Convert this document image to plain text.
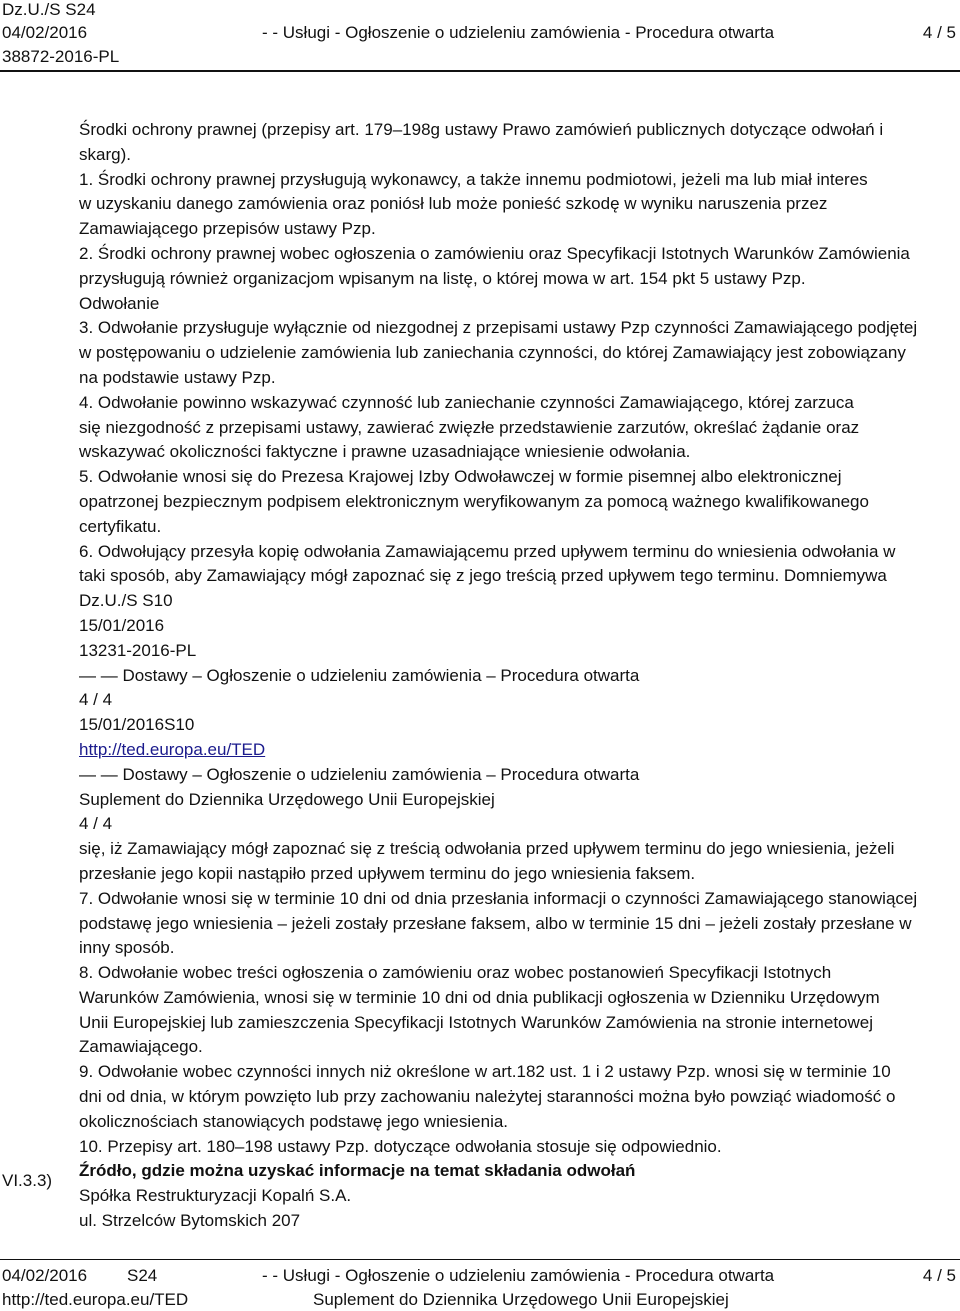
Dz.U./S S24
04/02/2016	- - Usługi - Ogłoszenie o udzieleniu zamówienia - Procedura otwarta	4 / 5
38872-2016-PL
VI.3.3)

Środki ochrony prawnej (przepisy art. 179–198g ustawy Prawo zamówień publicznych dotyczące odwołań i
skarg).

1. Środki ochrony prawnej przysługują wykonawcy, a także innemu podmiotowi, jeżeli ma lub miał interes
w uzyskaniu danego zamówienia oraz poniósł lub może ponieść szkodę w wyniku naruszenia przez
Zamawiającego przepisów ustawy Pzp.

2. Środki ochrony prawnej wobec ogłoszenia o zamówieniu oraz Specyfikacji Istotnych Warunków Zamówienia
przysługują również organizacjom wpisanym na listę, o której mowa w art. 154 pkt 5 ustawy Pzp.

Odwołanie

3. Odwołanie przysługuje wyłącznie od niezgodnej z przepisami ustawy Pzp czynności Zamawiającego podjętej
w postępowaniu o udzielenie zamówienia lub zaniechania czynności, do której Zamawiający jest zobowiązany
na podstawie ustawy Pzp.

4. Odwołanie powinno wskazywać czynność lub zaniechanie czynności Zamawiającego, której zarzuca
się niezgodność z przepisami ustawy, zawierać zwięzłe przedstawienie zarzutów, określać żądanie oraz
wskazywać okoliczności faktyczne i prawne uzasadniające wniesienie odwołania.

5. Odwołanie wnosi się do Prezesa Krajowej Izby Odwoławczej w formie pisemnej albo elektronicznej
opatrzonej bezpiecznym podpisem elektronicznym weryfikowanym za pomocą ważnego kwalifikowanego
certyfikatu.

6. Odwołujący przesyła kopię odwołania Zamawiającemu przed upływem terminu do wniesienia odwołania w
taki sposób, aby Zamawiający mógł zapoznać się z jego treścią przed upływem tego terminu. Domniemywa

Dz.U./S S10

15/01/2016

13231-2016-PL

— — Dostawy – Ogłoszenie o udzieleniu zamówienia – Procedura otwarta

4 / 4

15/01/2016S10

http://ted.europa.eu/TED

— — Dostawy – Ogłoszenie o udzieleniu zamówienia – Procedura otwarta

Suplement do Dziennika Urzędowego Unii Europejskiej

4 / 4

się, iż Zamawiający mógł zapoznać się z treścią odwołania przed upływem terminu do jego wniesienia, jeżeli
przesłanie jego kopii nastąpiło przed upływem terminu do jego wniesienia faksem.

7. Odwołanie wnosi się w terminie 10 dni od dnia przesłania informacji o czynności Zamawiającego stanowiącej
podstawę jego wniesienia – jeżeli zostały przesłane faksem, albo w terminie 15 dni – jeżeli zostały przesłane w
inny sposób.

8. Odwołanie wobec treści ogłoszenia o zamówieniu oraz wobec postanowień Specyfikacji Istotnych
Warunków Zamówienia, wnosi się w terminie 10 dni od dnia publikacji ogłoszenia w Dzienniku Urzędowym
Unii Europejskiej lub zamieszczenia Specyfikacji Istotnych Warunków Zamówienia na stronie internetowej
Zamawiającego.

9. Odwołanie wobec czynności innych niż określone w art.182 ust. 1 i 2 ustawy Pzp. wnosi się w terminie 10
dni od dnia, w którym powzięto lub przy zachowaniu należytej staranności można było powziąć wiadomość o
okolicznościach stanowiących podstawę jego wniesienia.

10. Przepisy art. 180–198 ustawy Pzp. dotyczące odwołania stosuje się odpowiednio.

Źródło, gdzie można uzyskać informacje na temat składania odwołań

Spółka Restrukturyzacji Kopalń S.A.

ul. Strzelców Bytomskich 207

04/02/2016 S24	- - Usługi - Ogłoszenie o udzieleniu zamówienia - Procedura otwarta	4 / 5
http://ted.europa.eu/TED	Suplement do Dziennika Urzędowego Unii Europejskiej
